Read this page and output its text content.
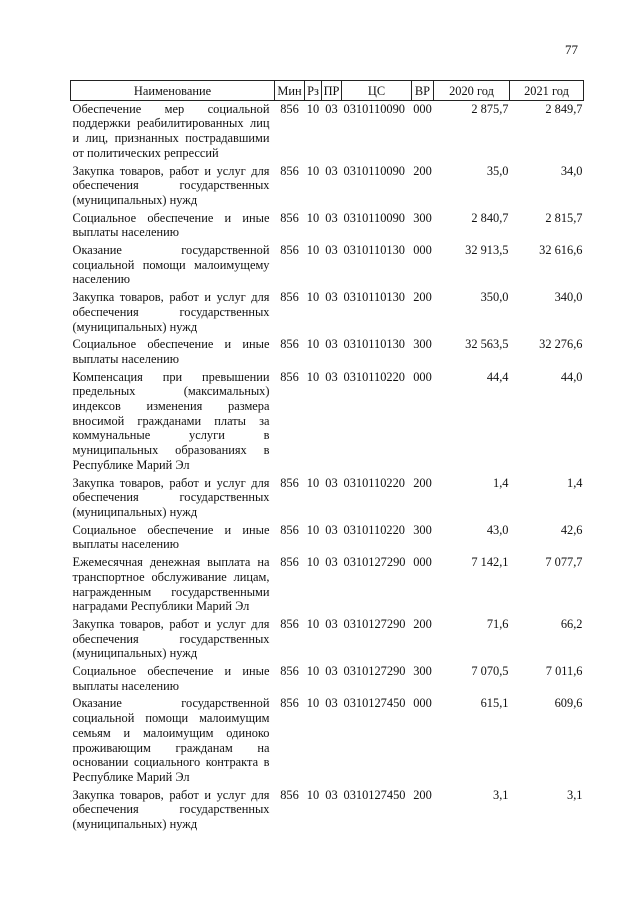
77
Наименование	Мин	Рз	ПР	ЦС	ВР	2020 год	2021 год
Обеспечение мер социальной поддержки реабилитированных лиц и лиц, признанных пострадавшими от политических репрессий	856	10	03	0310110090	000	2 875,7	2 849,7
Закупка товаров, работ и услуг для обеспечения государственных (муниципальных) нужд	856	10	03	0310110090	200	35,0	34,0
Социальное обеспечение и иные выплаты населению	856	10	03	0310110090	300	2 840,7	2 815,7
Оказание государственной социальной помощи малоимущему населению	856	10	03	0310110130	000	32 913,5	32 616,6
Закупка товаров, работ и услуг для обеспечения государственных (муниципальных) нужд	856	10	03	0310110130	200	350,0	340,0
Социальное обеспечение и иные выплаты населению	856	10	03	0310110130	300	32 563,5	32 276,6
Компенсация при превышении предельных (максимальных) индексов изменения размера вносимой гражданами платы за коммунальные услуги в муниципальных образованиях в Республике Марий Эл	856	10	03	0310110220	000	44,4	44,0
Закупка товаров, работ и услуг для обеспечения государственных (муниципальных) нужд	856	10	03	0310110220	200	1,4	1,4
Социальное обеспечение и иные выплаты населению	856	10	03	0310110220	300	43,0	42,6
Ежемесячная денежная выплата на транспортное обслуживание лицам, награжденным государственными наградами Республики Марий Эл	856	10	03	0310127290	000	7 142,1	7 077,7
Закупка товаров, работ и услуг для обеспечения государственных (муниципальных) нужд	856	10	03	0310127290	200	71,6	66,2
Социальное обеспечение и иные выплаты населению	856	10	03	0310127290	300	7 070,5	7 011,6
Оказание государственной социальной помощи малоимущим семьям и малоимущим одиноко проживающим гражданам на основании социального контракта в Республике Марий Эл	856	10	03	0310127450	000	615,1	609,6
Закупка товаров, работ и услуг для обеспечения государственных (муниципальных) нужд	856	10	03	0310127450	200	3,1	3,1
